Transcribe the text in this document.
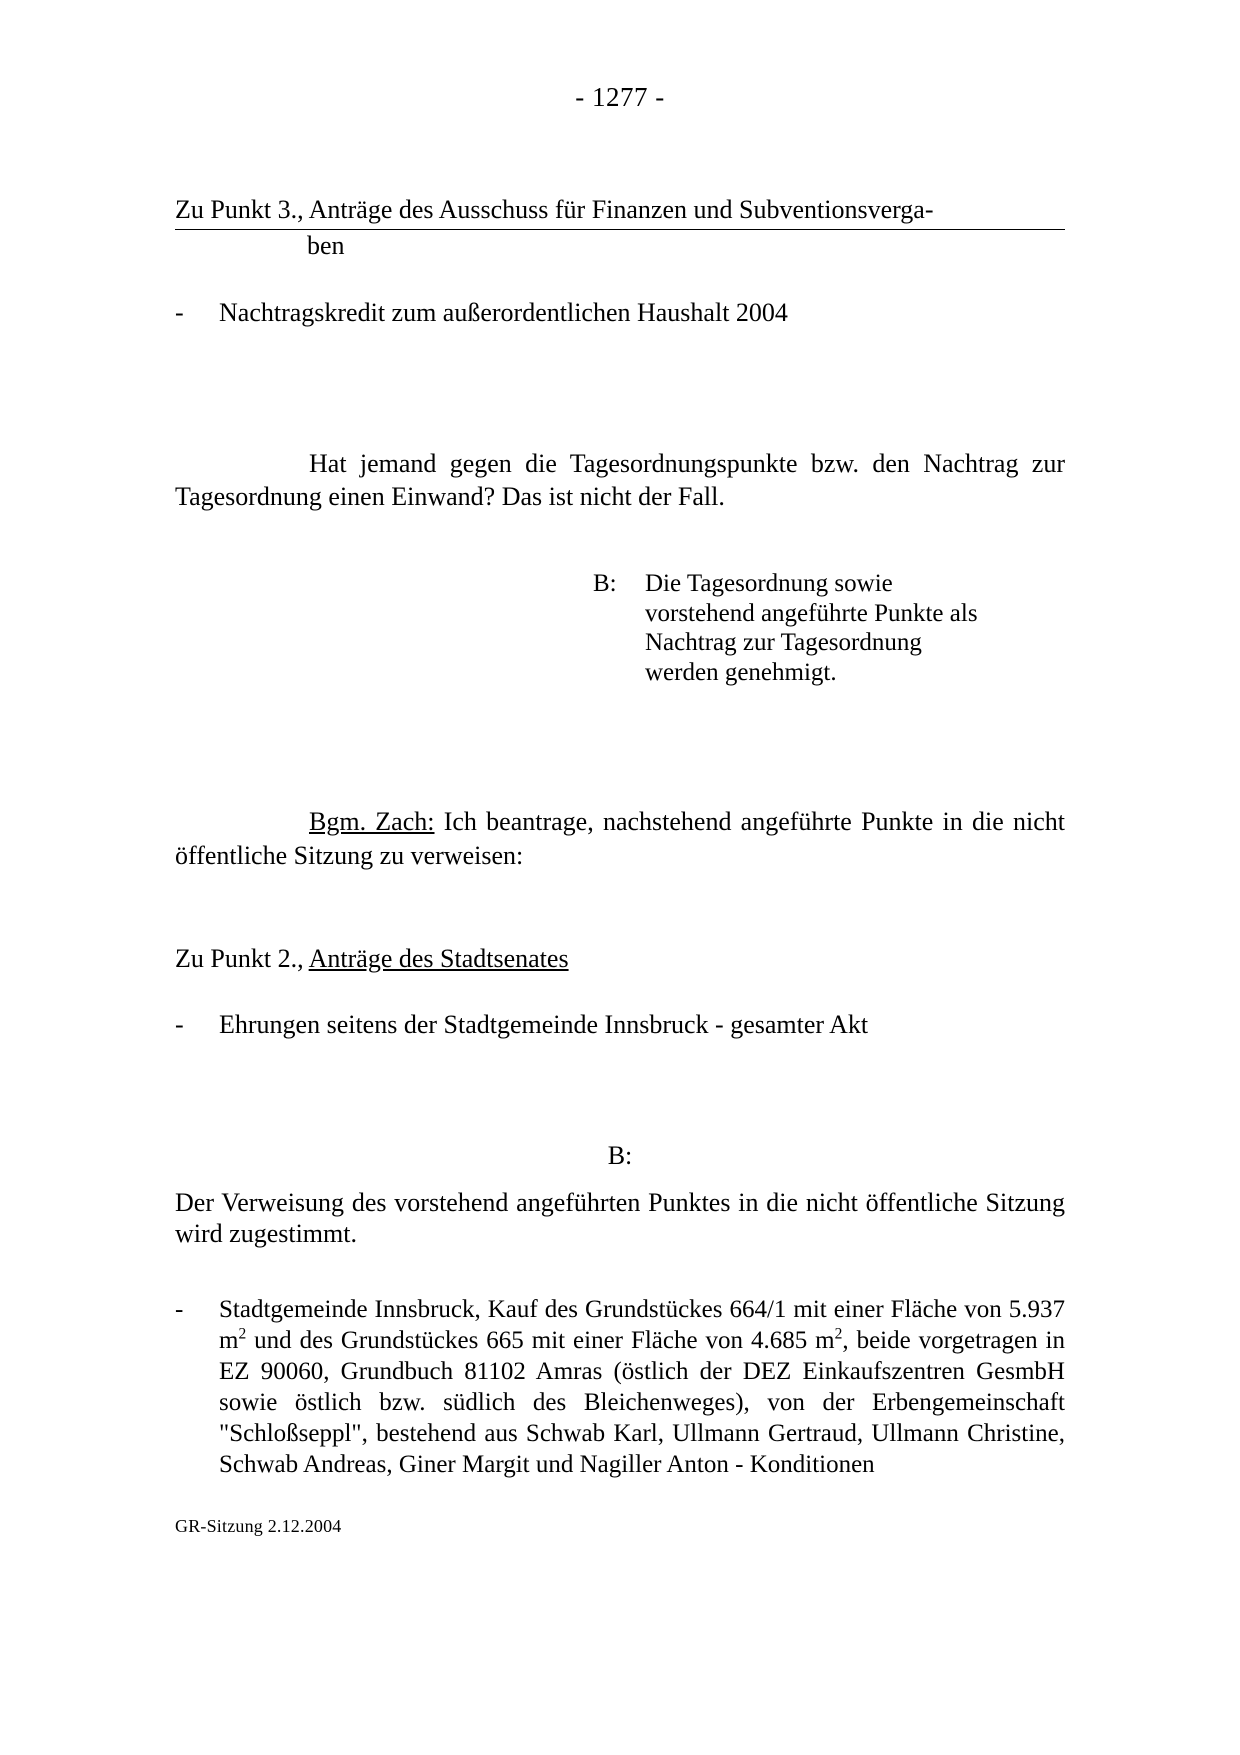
- 1277 -
Zu Punkt 3., Anträge des Ausschuss für Finanzen und Subventionsverga-
ben
-	Nachtragskredit zum außerordentlichen Haushalt 2004
Hat jemand gegen die Tagesordnungspunkte bzw. den Nachtrag zur Tagesordnung einen Einwand? Das ist nicht der Fall.
B:	Die Tagesordnung sowie vorstehend angeführte Punkte als Nachtrag zur Tagesordnung werden genehmigt.
Bgm. Zach: Ich beantrage, nachstehend angeführte Punkte in die nicht öffentliche Sitzung zu verweisen:
Zu Punkt 2., Anträge des Stadtsenates
-	Ehrungen seitens der Stadtgemeinde Innsbruck - gesamter Akt
B:
Der Verweisung des vorstehend angeführten Punktes in die nicht öffentliche Sitzung wird zugestimmt.
-	Stadtgemeinde Innsbruck, Kauf des Grundstückes 664/1 mit einer Fläche von 5.937 $m^2$ und des Grundstückes 665 mit einer Fläche von 4.685 $m^2$, beide vorgetragen in EZ 90060, Grundbuch 81102 Amras (östlich der DEZ Einkaufszentren GesmbH sowie östlich bzw. südlich des Bleichenweges), von der Erbengemeinschaft "Schloßseppl", bestehend aus Schwab Karl, Ullmann Gertraud, Ullmann Christine, Schwab Andreas, Giner Margit und Nagiller Anton - Konditionen
GR-Sitzung 2.12.2004
